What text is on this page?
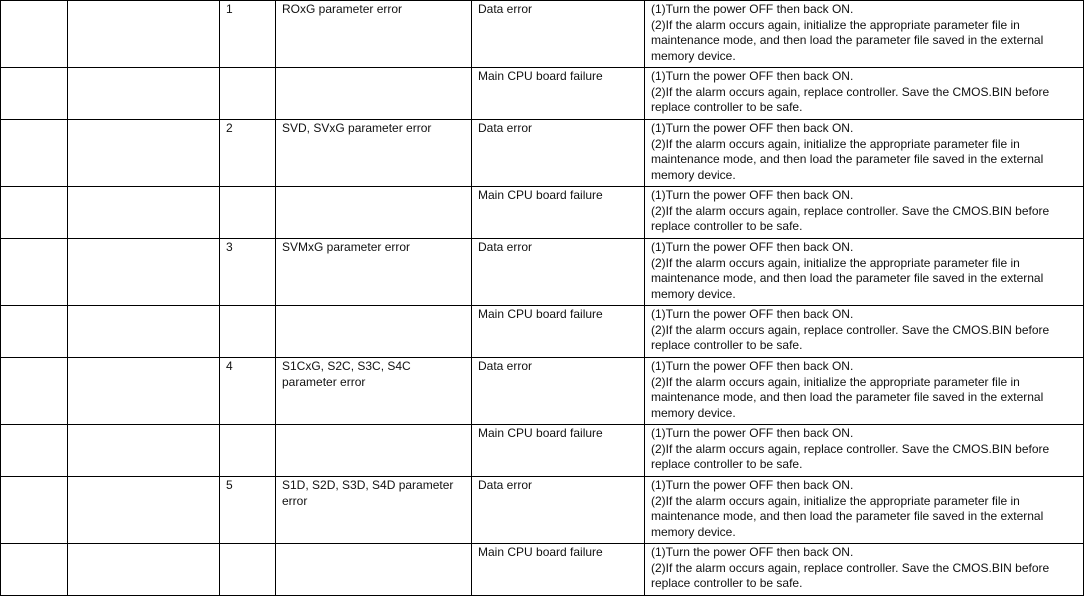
		1	ROxG parameter error	Data error	(1)Turn the power OFF then back ON.
(2)If the alarm occurs again, initialize the appropriate parameter file in maintenance mode, and then load the parameter file saved in the external memory device.
				Main CPU board failure	(1)Turn the power OFF then back ON.
(2)If the alarm occurs again, replace controller. Save the CMOS.BIN before replace controller to be safe.
		2	SVD, SVxG parameter error	Data error	(1)Turn the power OFF then back ON.
(2)If the alarm occurs again, initialize the appropriate parameter file in maintenance mode, and then load the parameter file saved in the external memory device.
				Main CPU board failure	(1)Turn the power OFF then back ON.
(2)If the alarm occurs again, replace controller. Save the CMOS.BIN before replace controller to be safe.
		3	SVMxG parameter error	Data error	(1)Turn the power OFF then back ON.
(2)If the alarm occurs again, initialize the appropriate parameter file in maintenance mode, and then load the parameter file saved in the external memory device.
				Main CPU board failure	(1)Turn the power OFF then back ON.
(2)If the alarm occurs again, replace controller. Save the CMOS.BIN before replace controller to be safe.
		4	S1CxG, S2C, S3C, S4C parameter error	Data error	(1)Turn the power OFF then back ON.
(2)If the alarm occurs again, initialize the appropriate parameter file in maintenance mode, and then load the parameter file saved in the external memory device.
				Main CPU board failure	(1)Turn the power OFF then back ON.
(2)If the alarm occurs again, replace controller. Save the CMOS.BIN before replace controller to be safe.
		5	S1D, S2D, S3D, S4D parameter error	Data error	(1)Turn the power OFF then back ON.
(2)If the alarm occurs again, initialize the appropriate parameter file in maintenance mode, and then load the parameter file saved in the external memory device.
				Main CPU board failure	(1)Turn the power OFF then back ON.
(2)If the alarm occurs again, replace controller. Save the CMOS.BIN before replace controller to be safe.
